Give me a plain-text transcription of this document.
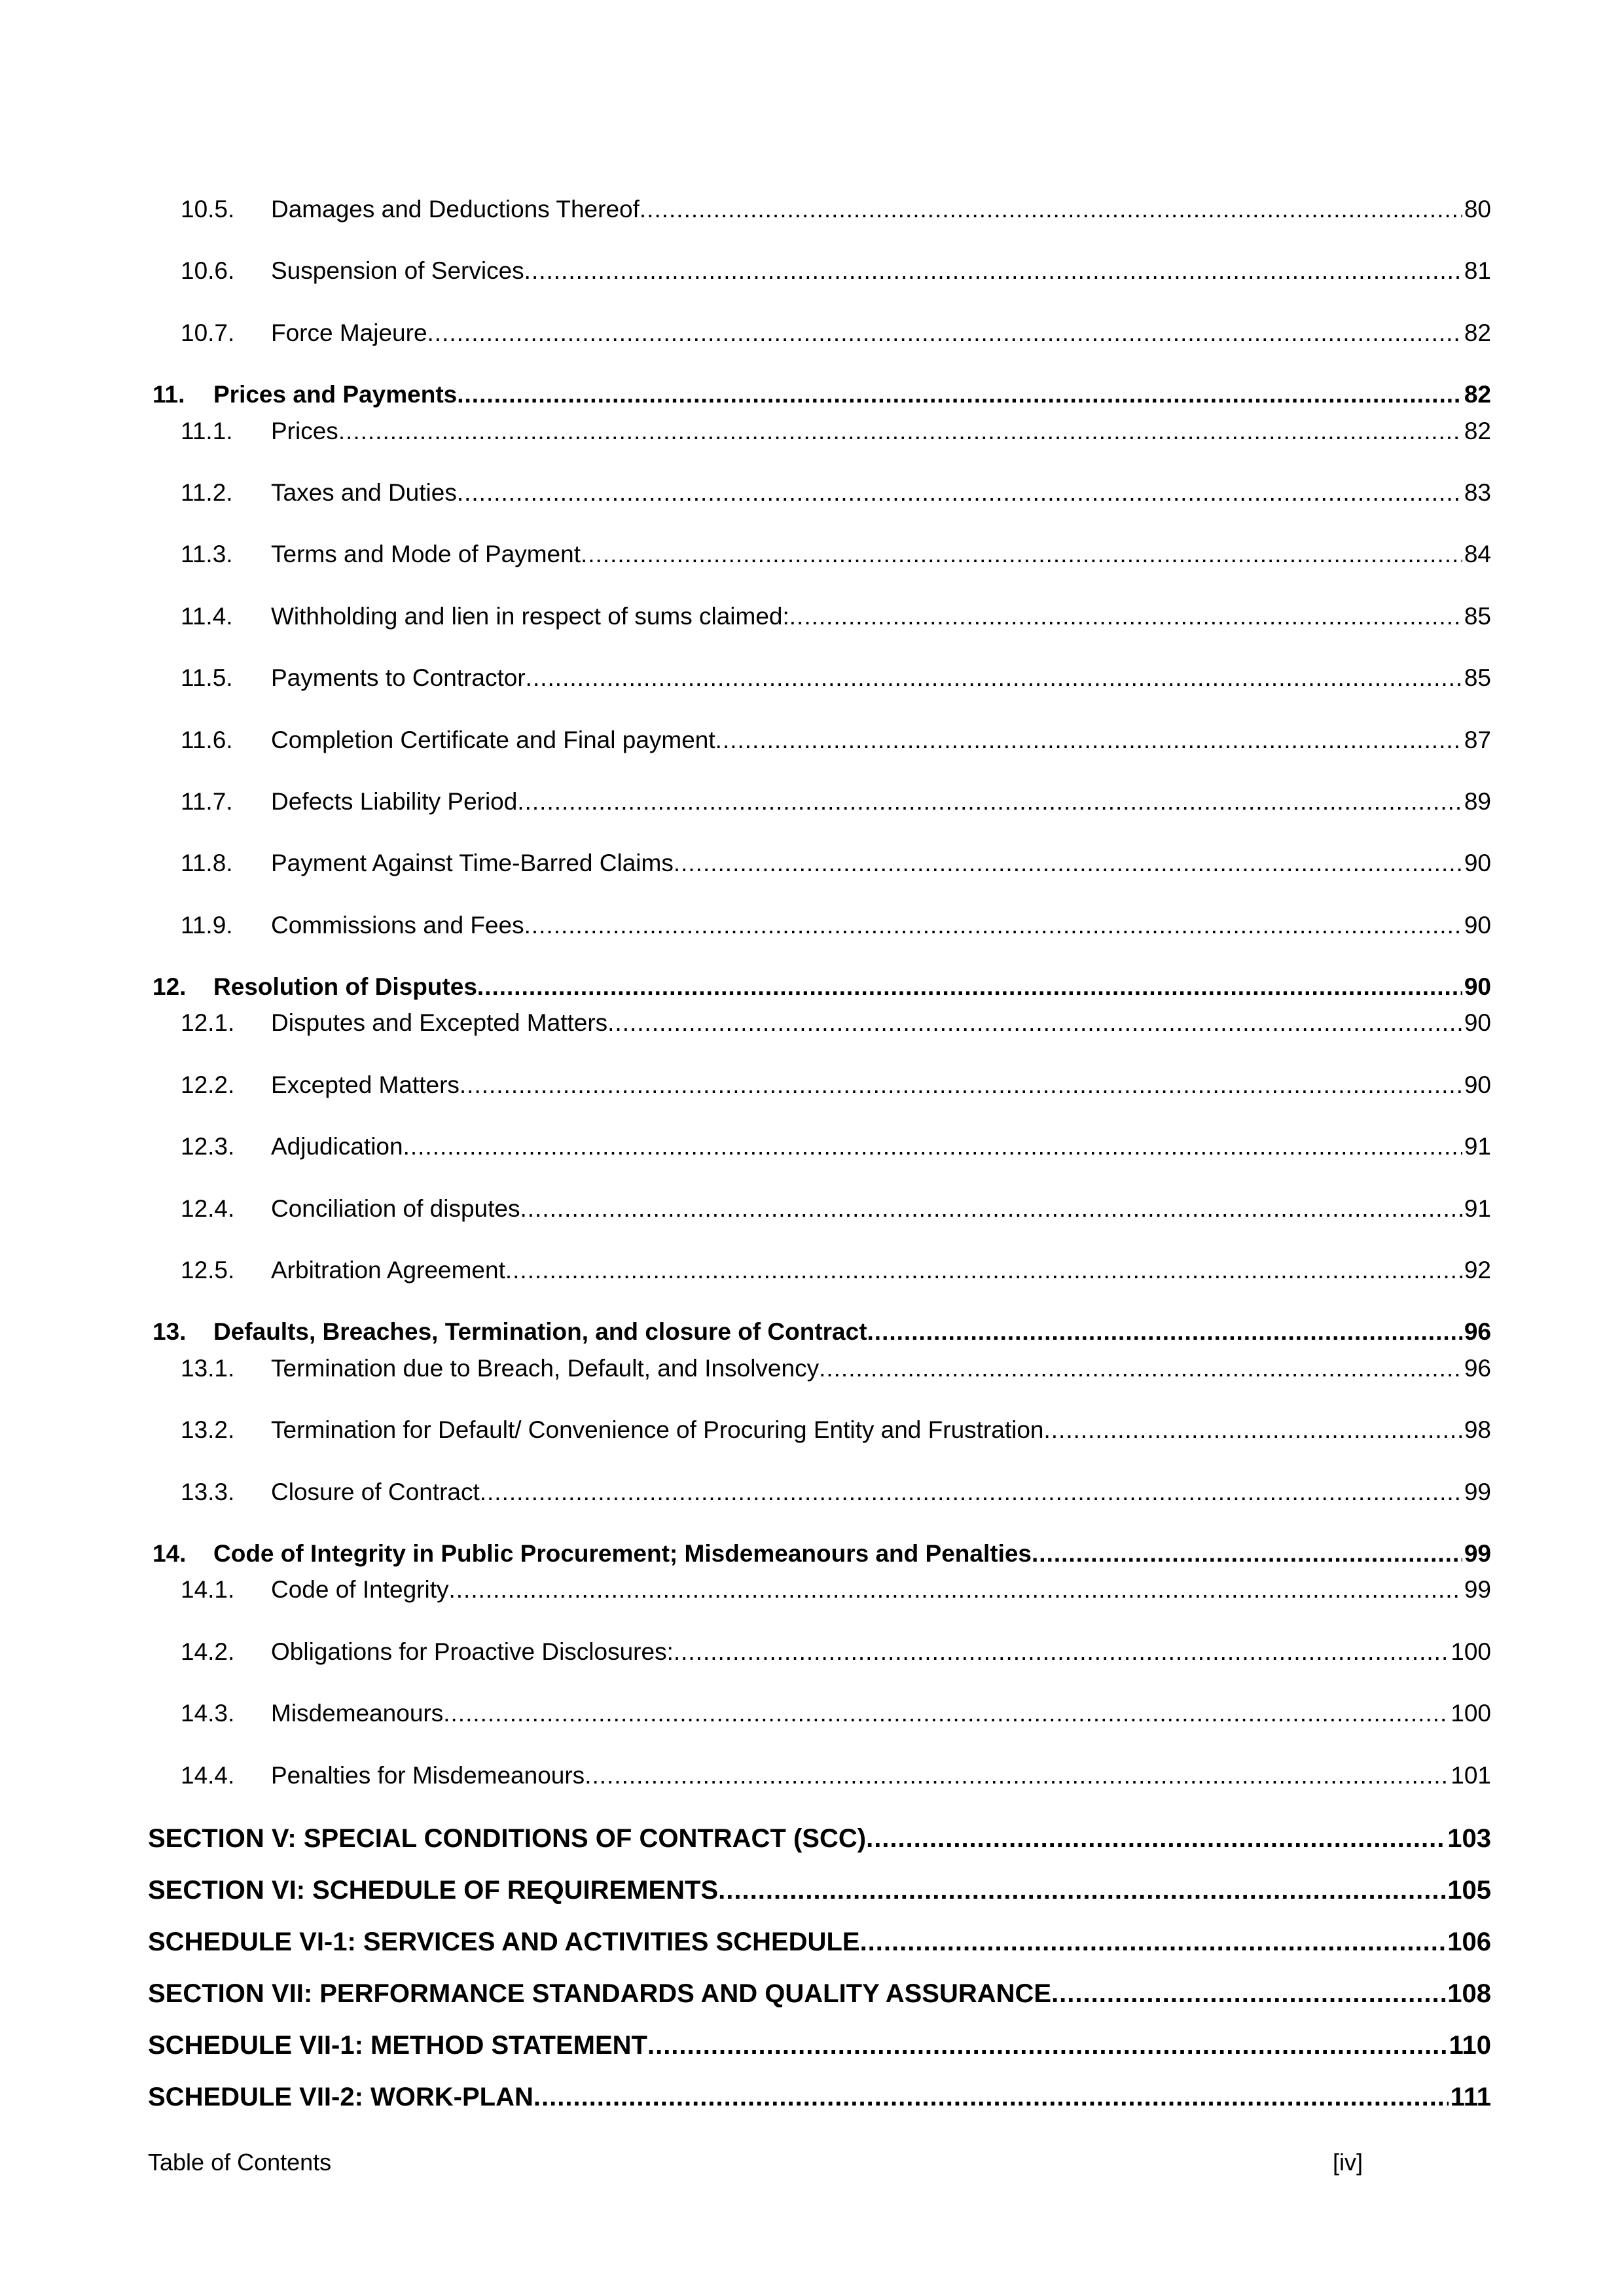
10.5.	Damages and Deductions Thereof .....	80
10.6.	Suspension of Services .....	81
10.7.	Force Majeure .....	82
11.	Prices and Payments .....	82
11.1.	Prices .....	82
11.2.	Taxes and Duties .....	83
11.3.	Terms and Mode of Payment .....	84
11.4.	Withholding and lien in respect of sums claimed: .....	85
11.5.	Payments to Contractor .....	85
11.6.	Completion Certificate and Final payment .....	87
11.7.	Defects Liability Period .....	89
11.8.	Payment Against Time-Barred Claims .....	90
11.9.	Commissions and Fees .....	90
12.	Resolution of Disputes .....	90
12.1.	Disputes and Excepted Matters .....	90
12.2.	Excepted Matters .....	90
12.3.	Adjudication .....	91
12.4.	Conciliation of disputes .....	91
12.5.	Arbitration Agreement .....	92
13.	Defaults, Breaches, Termination, and closure of Contract .....	96
13.1.	Termination due to Breach, Default, and Insolvency .....	96
13.2.	Termination for Default/ Convenience of Procuring Entity and Frustration .....	98
13.3.	Closure of Contract .....	99
14.	Code of Integrity in Public Procurement; Misdemeanours and Penalties .....	99
14.1.	Code of Integrity .....	99
14.2.	Obligations for Proactive Disclosures: .....	100
14.3.	Misdemeanours .....	100
14.4.	Penalties for Misdemeanours .....	101
SECTION V: SPECIAL CONDITIONS OF CONTRACT (SCC) .....	103
SECTION VI: SCHEDULE OF REQUIREMENTS .....	105
SCHEDULE VI-1: SERVICES AND ACTIVITIES SCHEDULE .....	106
SECTION VII: PERFORMANCE STANDARDS AND QUALITY ASSURANCE .....	108
SCHEDULE VII-1: METHOD STATEMENT .....	110
SCHEDULE VII-2: WORK-PLAN .....	111
Table of Contents	[iv]
